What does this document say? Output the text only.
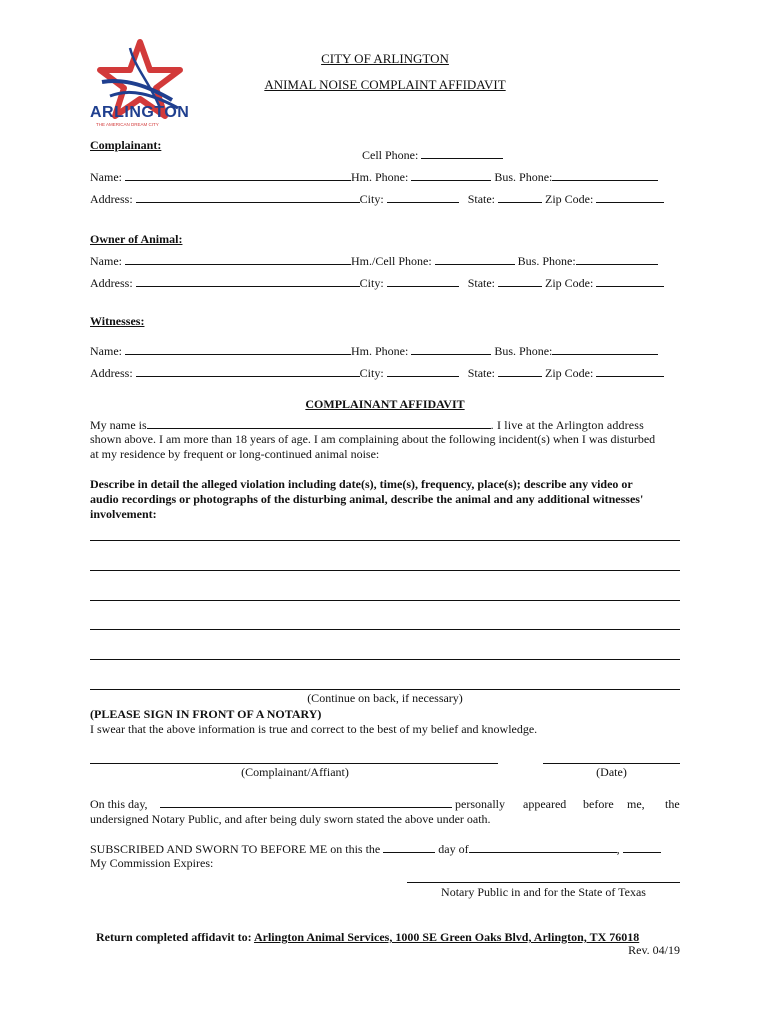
ARLINGTON
THE AMERICAN DREAM CITY
CITY OF ARLINGTON
ANIMAL NOISE COMPLAINT AFFIDAVIT
Complainant:
Cell Phone:
Name:	Hm. Phone:	Bus. Phone:
Address:	City:	State:	Zip Code:
Owner of Animal:
Name:	Hm./Cell Phone:	Bus. Phone:
Address:	City:	State:	Zip Code:
Witnesses:
Name:	Hm. Phone:	Bus. Phone:
Address:	City:	State:	Zip Code:
COMPLAINANT AFFIDAVIT
My name is	. I live at the Arlington address
shown above. I am more than 18 years of age. I am complaining about the following incident(s) when I was disturbed
at my residence by frequent or long-continued animal noise:
Describe in detail the alleged violation including date(s), time(s), frequency, place(s); describe any video or
audio recordings or photographs of the disturbing animal, describe the animal and any additional witnesses'
involvement:
(Continue on back, if necessary)
(PLEASE SIGN IN FRONT OF A NOTARY)
I swear that the above information is true and correct to the best of my belief and knowledge.
(Complainant/Affiant)	(Date)
On this day,	personally appeared before me, the
undersigned Notary Public, and after being duly sworn stated the above under oath.
SUBSCRIBED AND SWORN TO BEFORE ME on this the	day of	,
My Commission Expires:
Notary Public in and for the State of Texas
Return completed affidavit to: Arlington Animal Services, 1000 SE Green Oaks Blvd, Arlington, TX 76018
Rev. 04/19
